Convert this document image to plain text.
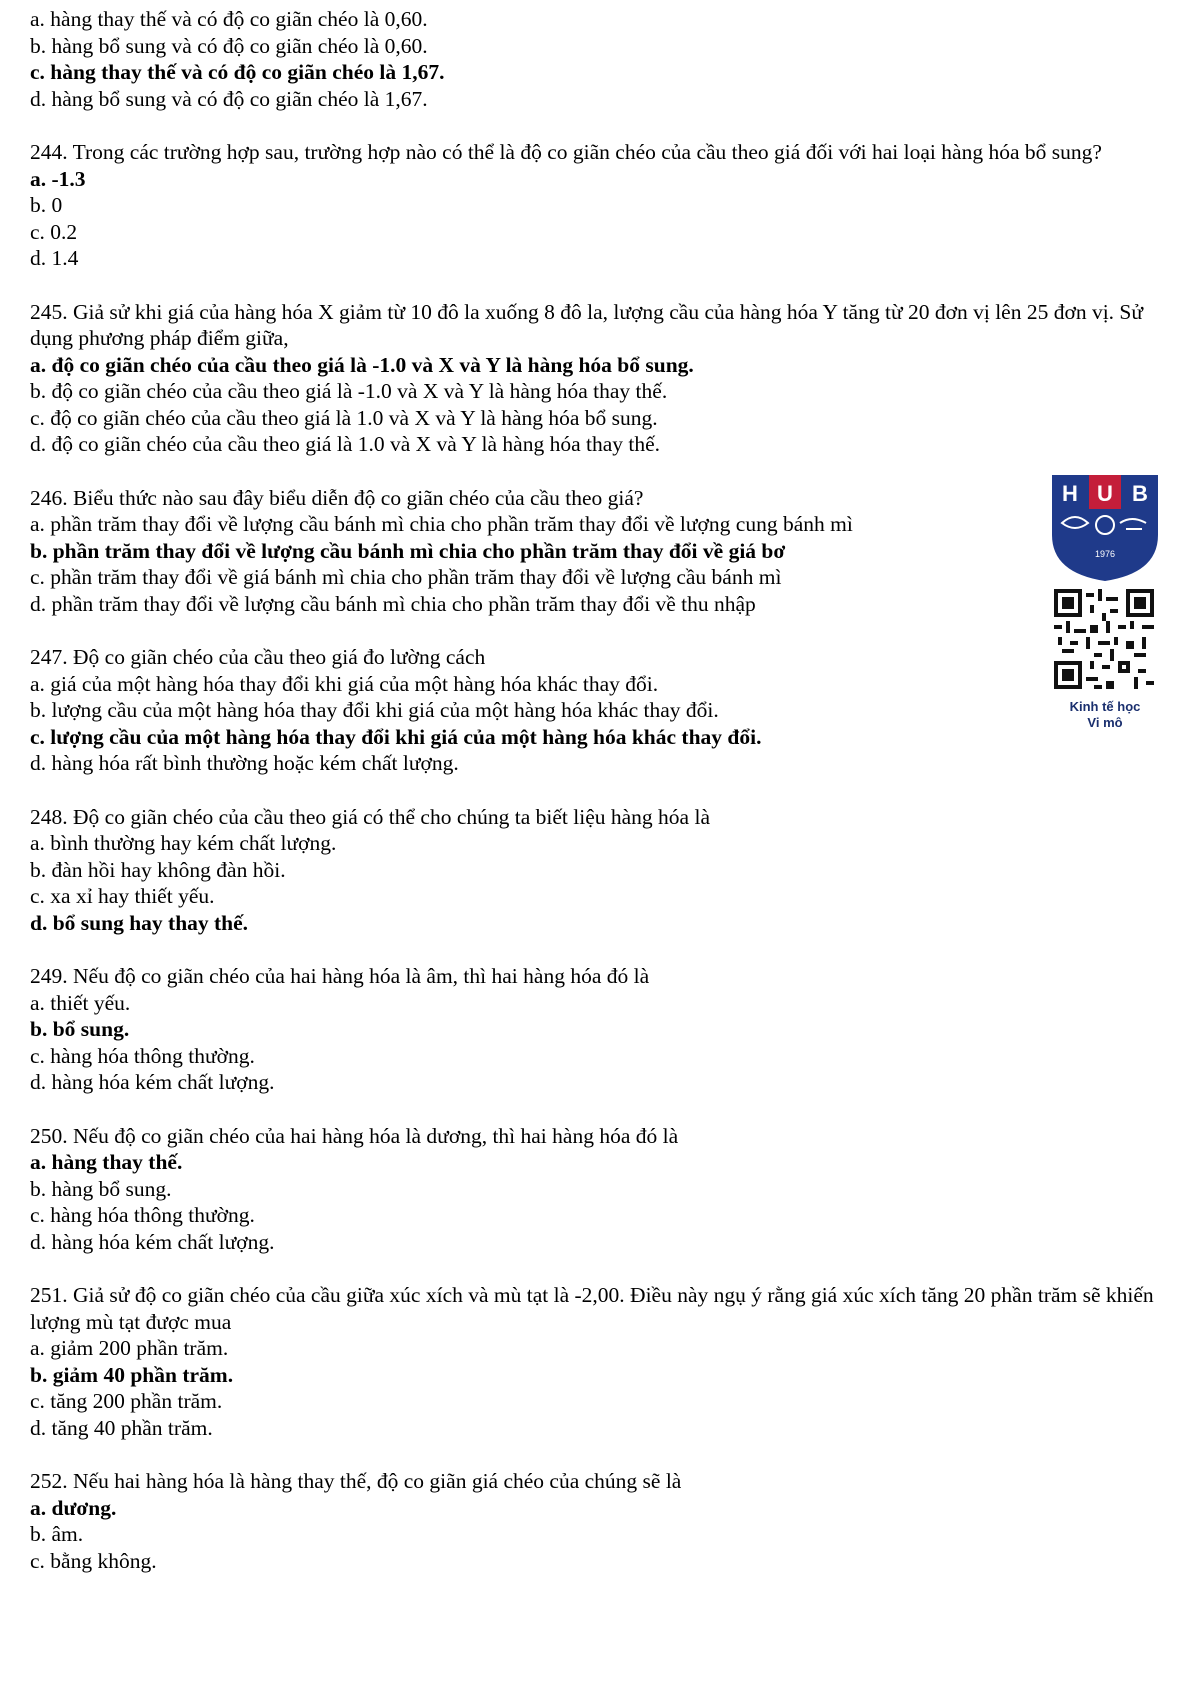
a. hàng thay thế và có độ co giãn chéo là 0,60.
b. hàng bổ sung và có độ co giãn chéo là 0,60.
c. hàng thay thế và có độ co giãn chéo là 1,67.
d. hàng bổ sung và có độ co giãn chéo là 1,67.
244. Trong các trường hợp sau, trường hợp nào có thể là độ co giãn chéo của cầu theo giá đối với hai loại hàng hóa bổ sung?
a. -1.3
b. 0
c. 0.2
d. 1.4
245. Giả sử khi giá của hàng hóa X giảm từ 10 đô la xuống 8 đô la, lượng cầu của hàng hóa Y tăng từ 20 đơn vị lên 25 đơn vị. Sử dụng phương pháp điểm giữa,
a. độ co giãn chéo của cầu theo giá là -1.0 và X và Y là hàng hóa bổ sung.
b. độ co giãn chéo của cầu theo giá là -1.0 và X và Y là hàng hóa thay thế.
c. độ co giãn chéo của cầu theo giá là 1.0 và X và Y là hàng hóa bổ sung.
d. độ co giãn chéo của cầu theo giá là 1.0 và X và Y là hàng hóa thay thế.
246. Biểu thức nào sau đây biểu diễn độ co giãn chéo của cầu theo giá?
a. phần trăm thay đổi về lượng cầu bánh mì chia cho phần trăm thay đổi về lượng cung bánh mì
b. phần trăm thay đổi về lượng cầu bánh mì chia cho phần trăm thay đổi về giá bơ
c. phần trăm thay đổi về giá bánh mì chia cho phần trăm thay đổi về lượng cầu bánh mì
d. phần trăm thay đổi về lượng cầu bánh mì chia cho phần trăm thay đổi về thu nhập
247. Độ co giãn chéo của cầu theo giá đo lường cách
a. giá của một hàng hóa thay đổi khi giá của một hàng hóa khác thay đổi.
b. lượng cầu của một hàng hóa thay đổi khi giá của một hàng hóa khác thay đổi.
c. lượng cầu của một hàng hóa thay đổi khi giá của một hàng hóa khác thay đổi.
d. hàng hóa rất bình thường hoặc kém chất lượng.
248. Độ co giãn chéo của cầu theo giá có thể cho chúng ta biết liệu hàng hóa là
a. bình thường hay kém chất lượng.
b. đàn hồi hay không đàn hồi.
c. xa xỉ hay thiết yếu.
d. bổ sung hay thay thế.
249. Nếu độ co giãn chéo của hai hàng hóa là âm, thì hai hàng hóa đó là
a. thiết yếu.
b. bổ sung.
c. hàng hóa thông thường.
d. hàng hóa kém chất lượng.
250. Nếu độ co giãn chéo của hai hàng hóa là dương, thì hai hàng hóa đó là
a. hàng thay thế.
b. hàng bổ sung.
c. hàng hóa thông thường.
d. hàng hóa kém chất lượng.
251. Giả sử độ co giãn chéo của cầu giữa xúc xích và mù tạt là -2,00. Điều này ngụ ý rằng giá xúc xích tăng 20 phần trăm sẽ khiến lượng mù tạt được mua
a. giảm 200 phần trăm.
b. giảm 40 phần trăm.
c. tăng 200 phần trăm.
d. tăng 40 phần trăm.
252. Nếu hai hàng hóa là hàng thay thế, độ co giãn giá chéo của chúng sẽ là
a. dương.
b. âm.
c. bằng không.
H U B
1976
Kinh tế học
Vi mô
